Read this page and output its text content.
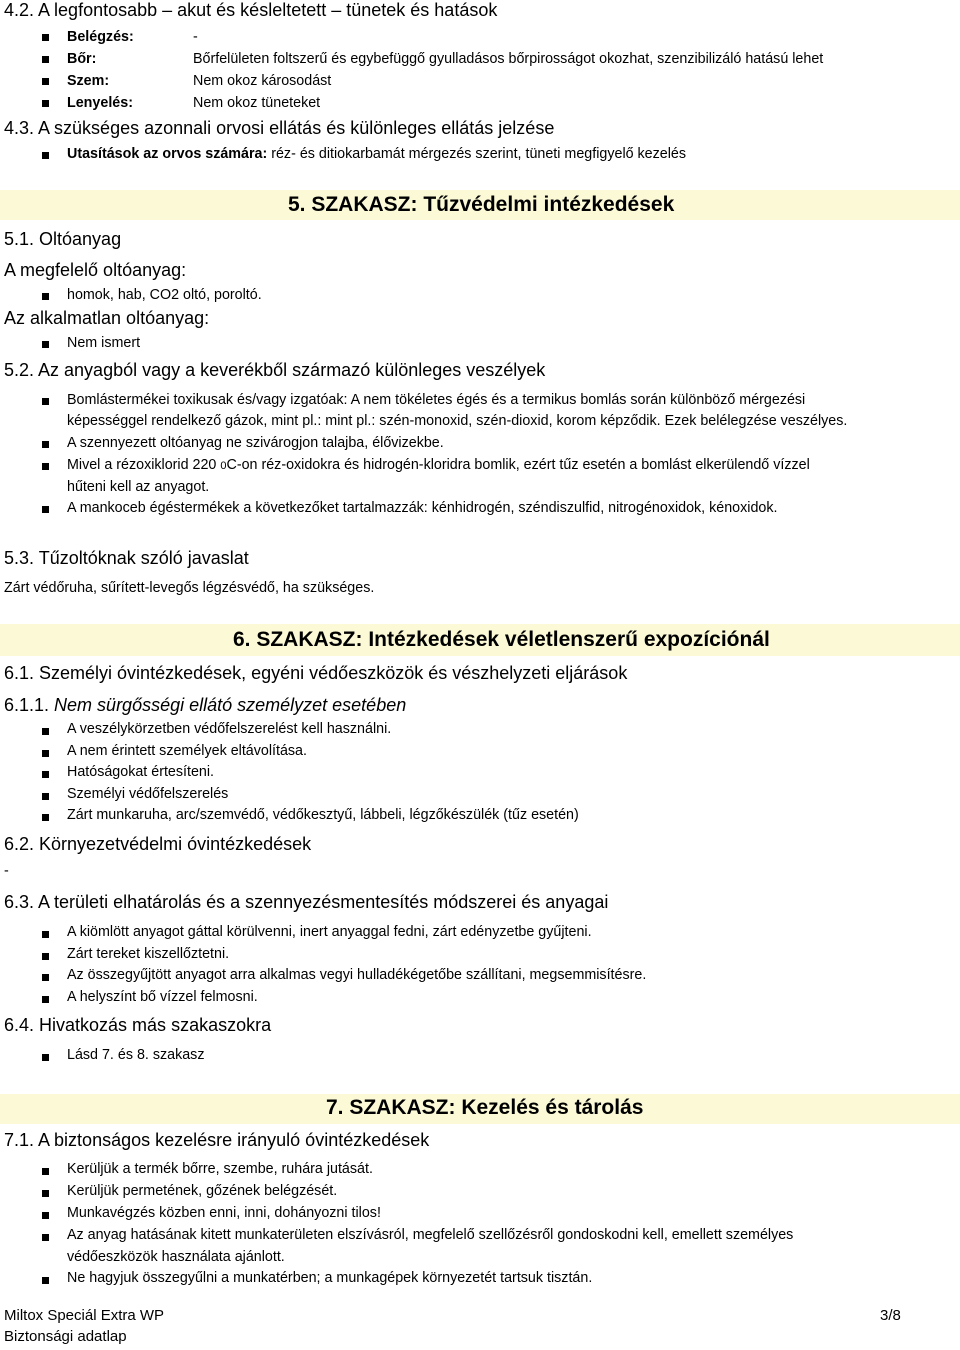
4.2. A legfontosabb – akut és késleltetett – tünetek és hatások
Belégzés:	-
Bőr:	Bőrfelületen foltszerű és egybefüggő gyulladásos bőrpirosságot okozhat, szenzibilizáló hatású lehet
Szem:	Nem okoz károsodást
Lenyelés:	Nem okoz tüneteket
4.3. A szükséges azonnali orvosi ellátás és különleges ellátás jelzése
Utasítások az orvos számára: réz- és ditiokarbamát mérgezés szerint, tüneti megfigyelő kezelés
5. SZAKASZ: Tűzvédelmi intézkedések
5.1. Oltóanyag
A megfelelő oltóanyag:
homok, hab, CO2 oltó, poroltó.
Az alkalmatlan oltóanyag:
Nem ismert
5.2. Az anyagból vagy a keverékből származó különleges veszélyek
Bomlástermékei toxikusak és/vagy izgatóak: A nem tökéletes égés és a termikus bomlás során különböző mérgezési
képességgel rendelkező gázok, mint pl.: mint pl.: szén-monoxid, szén-dioxid, korom képződik. Ezek belélegzése veszélyes.
A szennyezett oltóanyag ne szivárogjon talajba, élővizekbe.
Mivel a rézoxiklorid 220 0C-on réz-oxidokra és hidrogén-kloridra bomlik, ezért tűz esetén a bomlást elkerülendő vízzel
hűteni kell az anyagot.
A mankoceb égéstermékek a következőket tartalmazzák: kénhidrogén, széndiszulfid, nitrogénoxidok, kénoxidok.
5.3. Tűzoltóknak szóló javaslat
Zárt védőruha, sűrített-levegős légzésvédő, ha szükséges.
6. SZAKASZ: Intézkedések véletlenszerű expozíciónál
6.1. Személyi óvintézkedések, egyéni védőeszközök és vészhelyzeti eljárások
6.1.1. Nem sürgősségi ellátó személyzet esetében
A veszélykörzetben védőfelszerelést kell használni.
A nem érintett személyek eltávolítása.
Hatóságokat értesíteni.
Személyi védőfelszerelés
Zárt munkaruha, arc/szemvédő, védőkesztyű, lábbeli, légzőkészülék (tűz esetén)
6.2. Környezetvédelmi óvintézkedések
-
6.3. A területi elhatárolás és a szennyezésmentesítés módszerei és anyagai
A kiömlött anyagot gáttal körülvenni, inert anyaggal fedni, zárt edényzetbe gyűjteni.
Zárt tereket kiszellőztetni.
Az összegyűjtött anyagot arra alkalmas vegyi hulladékégetőbe szállítani, megsemmisítésre.
A helyszínt bő vízzel felmosni.
6.4. Hivatkozás más szakaszokra
Lásd 7. és 8. szakasz
7. SZAKASZ: Kezelés és tárolás
7.1. A biztonságos kezelésre irányuló óvintézkedések
Kerüljük a termék bőrre, szembe, ruhára jutását.
Kerüljük permetének, gőzének belégzését.
Munkavégzés közben enni, inni, dohányozni tilos!
Az anyag hatásának kitett munkaterületen elszívásról, megfelelő szellőzésről gondoskodni kell, emellett személyes
védőeszközök használata ajánlott.
Ne hagyjuk összegyűlni a munkatérben; a munkagépek környezetét tartsuk tisztán.
Miltox Speciál Extra WP
Biztonsági adatlap
3/8
